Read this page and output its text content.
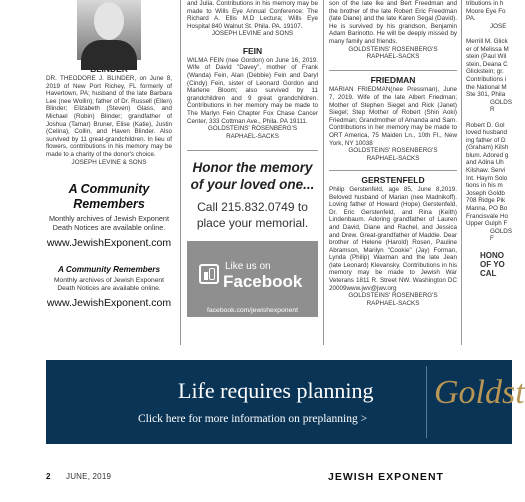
DR. THEODORE J. BLINDER, on June 8, 2019 of New Port Richey, FL formerly of Havertown, PA; husband of the late Barbara Lee (nee Wollin); father of Dr. Russell (Ellen) Blinder; Elizabeth (Steven) Glass, and Michael (Robin) Blinder; grandfather of Joshua (Tamar) Bruner, Elise (Katie), Justin (Celina), Collin, and Haven Blinder. Also survived by 11 great-grandchildren. In lieu of flowers, contributions in his memory may be made to a charity of the donor's choice.
JOSEPH LEVINE & SONS
A Community Remembers
Monthly archives of Jewish Exponent Death Notices are available online.
www.JewishExponent.com
A Community Remembers
Monthly archives of Jewish Exponent Death Notices are available online.
www.JewishExponent.com
and Julia. Contributions in his memory may be made to Wills Eye Annual Conference: The Richard A. Ellis M.D Lectura; Wills Eye Hospital 840 Walnut St. Phila. PA. 19107.
JOSEPH LEVINE and SONS
FEIN
WILMA FEIN (nee Gordon) on June 16, 2019. Wife of David "Davey", mother of Frank (Wanda) Fein, Alan (Debbie) Fein and Daryl (Cindy) Fein, sister of Leonard Gordon and Marlene Bloom; also survived by 11 grandchildren and 9 great grandchildren. Contributions in her memory may be made to The Marlyn Fein Chapter Fox Chase Cancer Center, 333 Cottman Ave., Phila. PA 19111.
GOLDSTEINS' ROSENBERG'S
RAPHAEL-SACKS
Honor the memory of your loved one...
Call 215.832.0749 to place your memorial.
Like us on
Facebook
facebook.com/jewishexponent
son of the late Ike and Bert Freedman and the brother of the late Robert Eric Freedman (late Diane) and the late Karen Segal (David). He is survived by his grandson, Benjamin Adam Barinotto. He will be deeply missed by many family and friends.
GOLDSTEINS' ROSENBERG'S
RAPHAEL-SACKS
FRIEDMAN
MARIAN FRIEDMAN(nee Pressman), June 7, 2019. Wife of the late Albert Friedman; Mother of Stephen Siegel and Rick (Janet) Siegel; Step Mother of Robert (Shin Aoki) Friedman; Grandmother of Amanda and Sam. Contributions in her memory may be made to ORT America, 75 Maiden Ln., 10th Fl., New York, NY 10038
GOLDSTEINS' ROSENBERG'S
RAPHAEL-SACKS
GERSTENFELD
Philip Gerstenfeld, age 85, June 8,2019. Beloved husband of Marian (nee Madnikoff). Loving father of Howard (Hope) Gerstenfeld, Dr. Eric Gerstenfeld, and Rina (Keith) Lindenbaum. Adoring grandfather of Lauren and David, Diane and Rachel, and Jessica and Drew. Great-grandfather of Maddie. Dear brother of Helene (Harold) Rosen, Pauline Abramson, Marilyn "Cookie" (Jay) Forman, Lynda (Philip) Waxman and the late Jean (late Leonard) Klevansky. Contributions in his memory may be made to Jewish War Veterans 1811 R. Street NW. Washington DC 20009www.jwv@jwv.org
GOLDSTEINS' ROSENBERG'S
RAPHAEL-SACKS
tributions in h
Moore Eye Fo
PA.
JOSE
Merrill M. Glick
er of Melissa M
stein (Paul Wil
stein, Deana C
Glickstein; gr.
Contributions i
the National M
Ste 301, Phila
GOLDS
R
Robert D. Gol
loved husband
ing father of D
(Graham) Kilsh
blum. Adored g
and Adina Uh
Kilshaw. Servi
Int. Haym Solo
tions in his m
Joseph Goldb
708 Ridge Pik
Manna, PO Bo
Francisvale Ho
Upper Gulph F
GOLDS
F
HONO
OF YO
CAL
Life requires planning
Click here for more information on preplanning >
Goldst
2 JUNE, 2019	JEWISH EXPONENT
